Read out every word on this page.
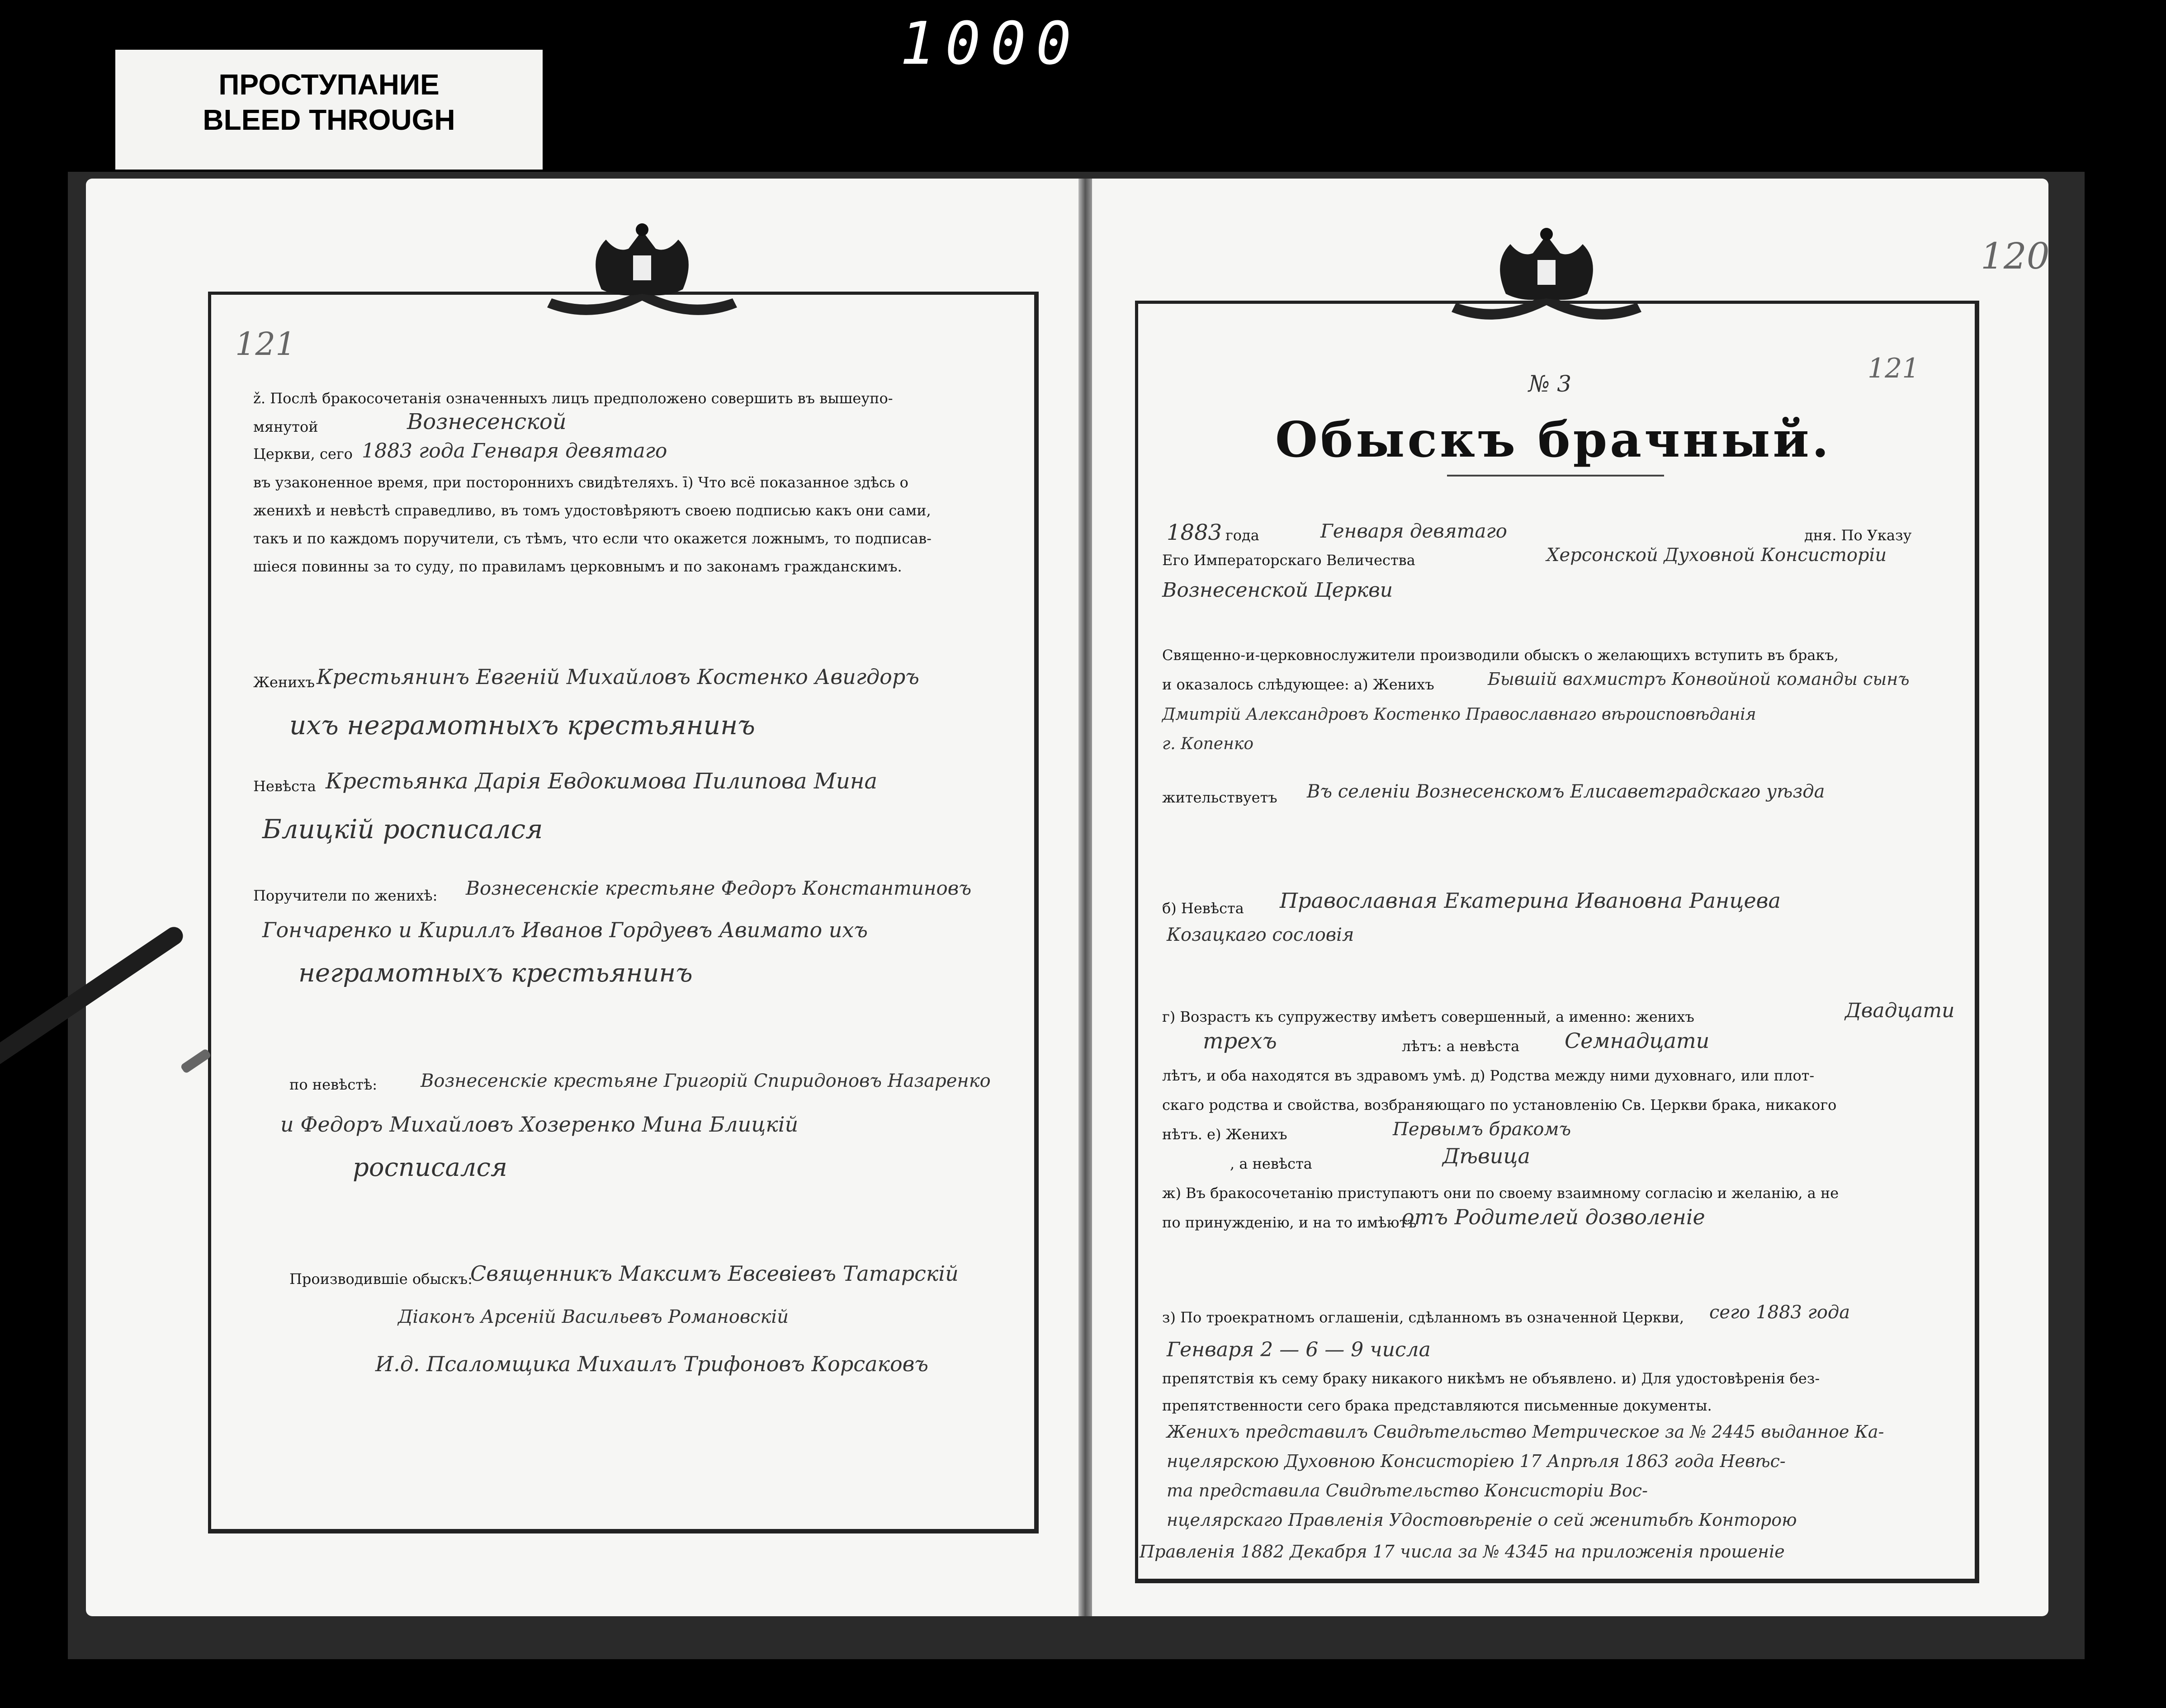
1000
ПРОСТУПАНИЕ
BLEED THROUGH
121
ž. Послѣ бракосочетанія означенныхъ лицъ предположено совершить въ вышеупо-
мянутой	Вознесенской
Церкви, сего 1883 года Генваря девятаго
въ узаконенное время, при постороннихъ свидѣтеляхъ. ī) Что всё показанное здѣсь о
женихѣ и невѣстѣ справедливо, въ томъ удостовѣряютъ своею подписью какъ они сами,
такъ и по каждомъ поручители, съ тѣмъ, что если что окажется ложнымъ, то подписав-
шіеся повинны за то суду, по правиламъ церковнымъ и по законамъ гражданскимъ.
Женихъ Крестьянинъ Евгеній Михайловъ Костенко Авигдоръ
ихъ неграмотныхъ крестьянинъ
Невѣста Крестьянка Дарія Евдокимова Пилипова Мина
Блицкій росписался
Поручители по женихѣ: Вознесенскіе крестьяне Федоръ Константиновъ
Гончаренко и Кириллъ Иванов Гордуевъ Авимато ихъ
неграмотныхъ крестьянинъ
по невѣстѣ: Вознесенскіе крестьяне Григорій Спиридоновъ Назаренко
и Федоръ Михайловъ Хозеренко Мина Блицкій
росписался
Производившіе обыскъ:
Священникъ Максимъ Евсевіевъ Татарскій
Діаконъ Арсеній Васильевъ Романовскій
И.д. Псаломщика Михаилъ Трифоновъ Корсаковъ
120
121
№ 3
Обыскъ брачный.
1883 года	Генваря девятаго	дня. По Указу
Его Императорскаго Величества	Херсонской Духовной Консисторіи
Вознесенской Церкви
Священно-и-церковнослужители производили обыскъ о желающихъ вступить въ бракъ,
и оказалось слѣдующее: а) Женихъ	Бывшій вахмистръ Конвойной команды сынъ
Дмитрій Александровъ Костенко Православнаго вѣроисповѣданія
г. Копенко
жительствуетъ Въ селеніи Вознесенскомъ Елисаветградскаго уѣзда
б) Невѣста Православная Екатерина Ивановна Ранцева
Козацкаго сословія
г) Возрастъ къ супружеству имѣетъ совершенный, а именно: женихъ	Двадцати
трехъ	лѣтъ: а невѣста Семнадцати
лѣтъ, и оба находятся въ здравомъ умѣ. д) Родства между ними духовнаго, или плот-
скаго родства и свойства, возбраняющаго по установленію Св. Церкви брака, никакого
нѣтъ. е) Женихъ	Первымъ бракомъ
, а невѣста	Дѣвица
ж) Въ бракосочетанію приступаютъ они по своему взаимному согласію и желанію, а не
по принужденію, и на то имѣютъ
отъ Родителей дозволеніе
з) По троекратномъ оглашеніи, сдѣланномъ въ означенной Церкви, сего 1883 года
Генваря 2 — 6 — 9 числа
препятствія къ сему браку никакого никѣмъ не объявлено. и) Для удостовѣренія без-
препятственности сего брака представляются письменные документы.
Женихъ представилъ Свидѣтельство Метрическое за № 2445 выданное Ка-
нцелярскою Духовною Консисторіею 17 Апрѣля 1863 года Невѣс-
та представила Свидѣтельство Консисторіи Вос-
нцелярскаго Правленія Удостовѣреніе о сей женитьбѣ Конторою
Правленія 1882 Декабря 17 числа за № 4345 на приложенія прошеніе
